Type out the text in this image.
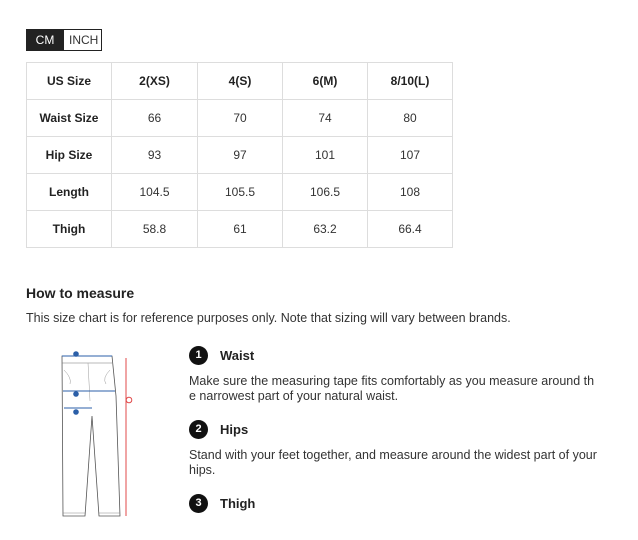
CM	INCH
US Size	2(XS)	4(S)	6(M)	8/10(L)
Waist Size	66	70	74	80
Hip Size	93	97	101	107
Length	104.5	105.5	106.5	108
Thigh	58.8	61	63.2	66.4
How to measure
This size chart is for reference purposes only. Note that sizing will vary between brands.
1	Waist
Make sure the measuring tape fits comfortably as you measure around the narrowest part of your natural waist.
2	Hips
Stand with your feet together, and measure around the widest part of your hips.
3	Thigh
